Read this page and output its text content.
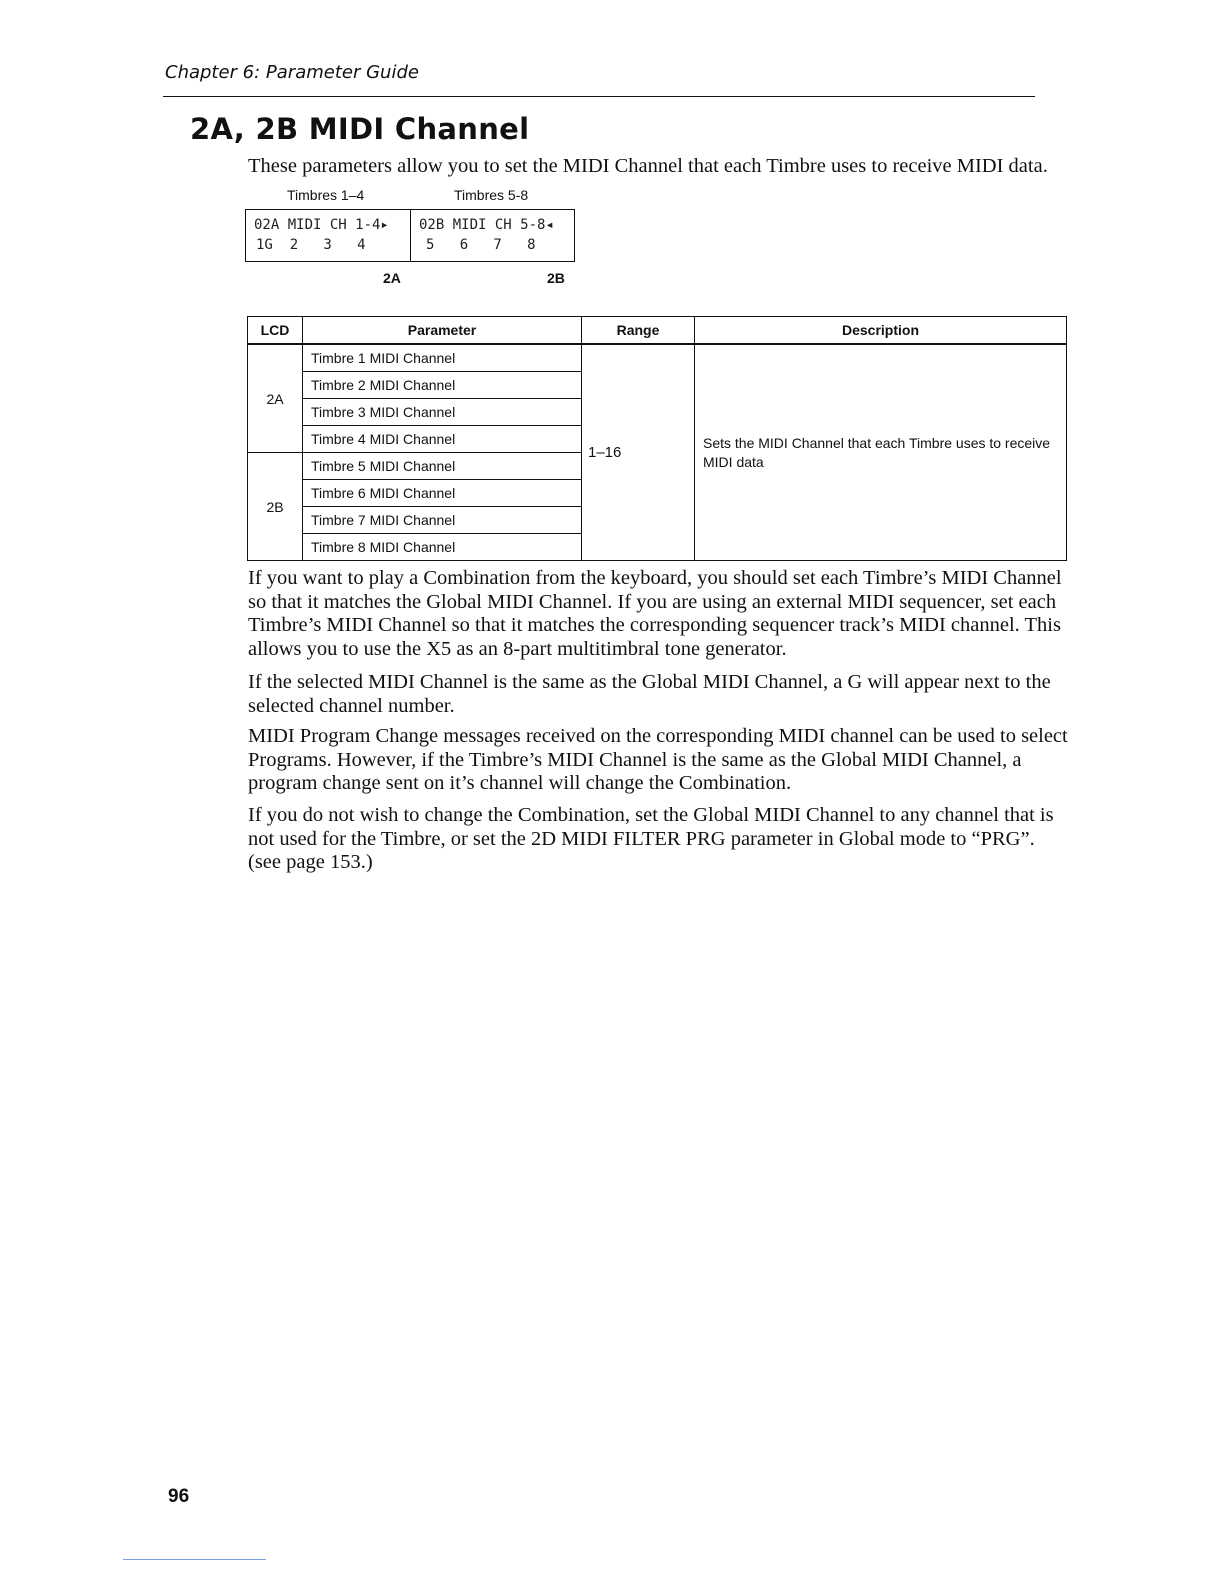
Chapter 6: Parameter Guide
2A, 2B MIDI Channel
These parameters allow you to set the MIDI Channel that each Timbre uses to receive MIDI data.
Timbres 1–4	Timbres 5-8
02A MIDI CH 1-4▸
1G  2   3   4
02B MIDI CH 5-8◂
5   6   7   8
2A	2B
LCD	Parameter	Range	Description
2A	Timbre 1 MIDI Channel	1–16	Sets the MIDI Channel that each Timbre uses to receive MIDI data
	Timbre 2 MIDI Channel		
	Timbre 3 MIDI Channel		
	Timbre 4 MIDI Channel		
2B	Timbre 5 MIDI Channel		
	Timbre 6 MIDI Channel		
	Timbre 7 MIDI Channel		
	Timbre 8 MIDI Channel		

If you want to play a Combination from the keyboard, you should set each Timbre’s MIDI Channel so that it matches the Global MIDI Channel. If you are using an external MIDI sequencer, set each Timbre’s MIDI Channel so that it matches the corresponding sequencer track’s MIDI channel. This allows you to use the X5 as an 8-part multitimbral tone generator.

If the selected MIDI Channel is the same as the Global MIDI Channel, a G will appear next to the selected channel number.

MIDI Program Change messages received on the corresponding MIDI channel can be used to select Programs. However, if the Timbre’s MIDI Channel is the same as the Global MIDI Channel, a program change sent on it’s channel will change the Combination.

If you do not wish to change the Combination, set the Global MIDI Channel to any channel that is not used for the Timbre, or set the 2D MIDI FILTER PRG parameter in Global mode to “PRG”. (see page 153.)

96
